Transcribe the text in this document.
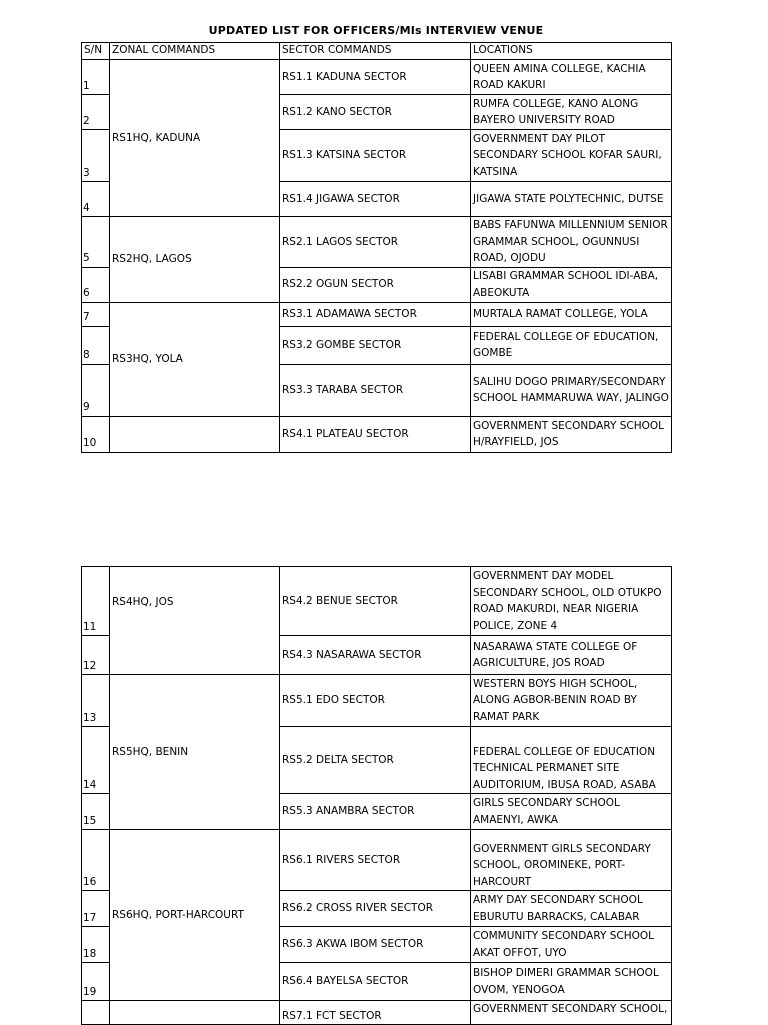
UPDATED LIST FOR OFFICERS/MIs INTERVIEW VENUE
S/N	ZONAL COMMANDS	SECTOR COMMANDS	LOCATIONS
1	RS1HQ, KADUNA	RS1.1 KADUNA SECTOR	QUEEN AMINA COLLEGE, KACHIA ROAD KAKURI
2		RS1.2 KANO SECTOR	RUMFA COLLEGE, KANO ALONG BAYERO UNIVERSITY ROAD
3		RS1.3 KATSINA SECTOR	GOVERNMENT DAY PILOT SECONDARY SCHOOL KOFAR SAURI, KATSINA
4		RS1.4 JIGAWA SECTOR	JIGAWA STATE POLYTECHNIC, DUTSE
5	RS2HQ, LAGOS	RS2.1 LAGOS SECTOR	BABS FAFUNWA MILLENNIUM SENIOR GRAMMAR SCHOOL, OGUNNUSI ROAD, OJODU
6		RS2.2 OGUN SECTOR	LISABI GRAMMAR SCHOOL IDI-ABA, ABEOKUTA
7	RS3HQ, YOLA	RS3.1 ADAMAWA SECTOR	MURTALA RAMAT COLLEGE, YOLA
8		RS3.2 GOMBE SECTOR	FEDERAL COLLEGE OF EDUCATION, GOMBE
9		RS3.3 TARABA SECTOR	SALIHU DOGO PRIMARY/SECONDARY SCHOOL HAMMARUWA WAY, JALINGO
10		RS4.1 PLATEAU SECTOR	GOVERNMENT SECONDARY SCHOOL H/RAYFIELD, JOS
11	RS4HQ, JOS	RS4.2 BENUE SECTOR	GOVERNMENT DAY MODEL SECONDARY SCHOOL, OLD OTUKPO ROAD MAKURDI, NEAR NIGERIA POLICE, ZONE 4
12		RS4.3 NASARAWA SECTOR	NASARAWA STATE COLLEGE OF AGRICULTURE, JOS ROAD
13	RS5HQ, BENIN	RS5.1 EDO SECTOR	WESTERN BOYS HIGH SCHOOL, ALONG AGBOR-BENIN ROAD BY RAMAT PARK
14		RS5.2 DELTA SECTOR	FEDERAL COLLEGE OF EDUCATION TECHNICAL PERMANET SITE AUDITORIUM, IBUSA ROAD, ASABA
15		RS5.3 ANAMBRA SECTOR	GIRLS SECONDARY SCHOOL AMAENYI, AWKA
16	RS6HQ, PORT-HARCOURT	RS6.1 RIVERS SECTOR	GOVERNMENT GIRLS SECONDARY SCHOOL, OROMINEKE, PORT-HARCOURT
17		RS6.2 CROSS RIVER SECTOR	ARMY DAY SECONDARY SCHOOL EBURUTU BARRACKS, CALABAR
18		RS6.3 AKWA IBOM SECTOR	COMMUNITY SECONDARY SCHOOL AKAT OFFOT, UYO
19		RS6.4 BAYELSA SECTOR	BISHOP DIMERI GRAMMAR SCHOOL OVOM, YENOGOA
		RS7.1 FCT SECTOR	GOVERNMENT SECONDARY SCHOOL,
